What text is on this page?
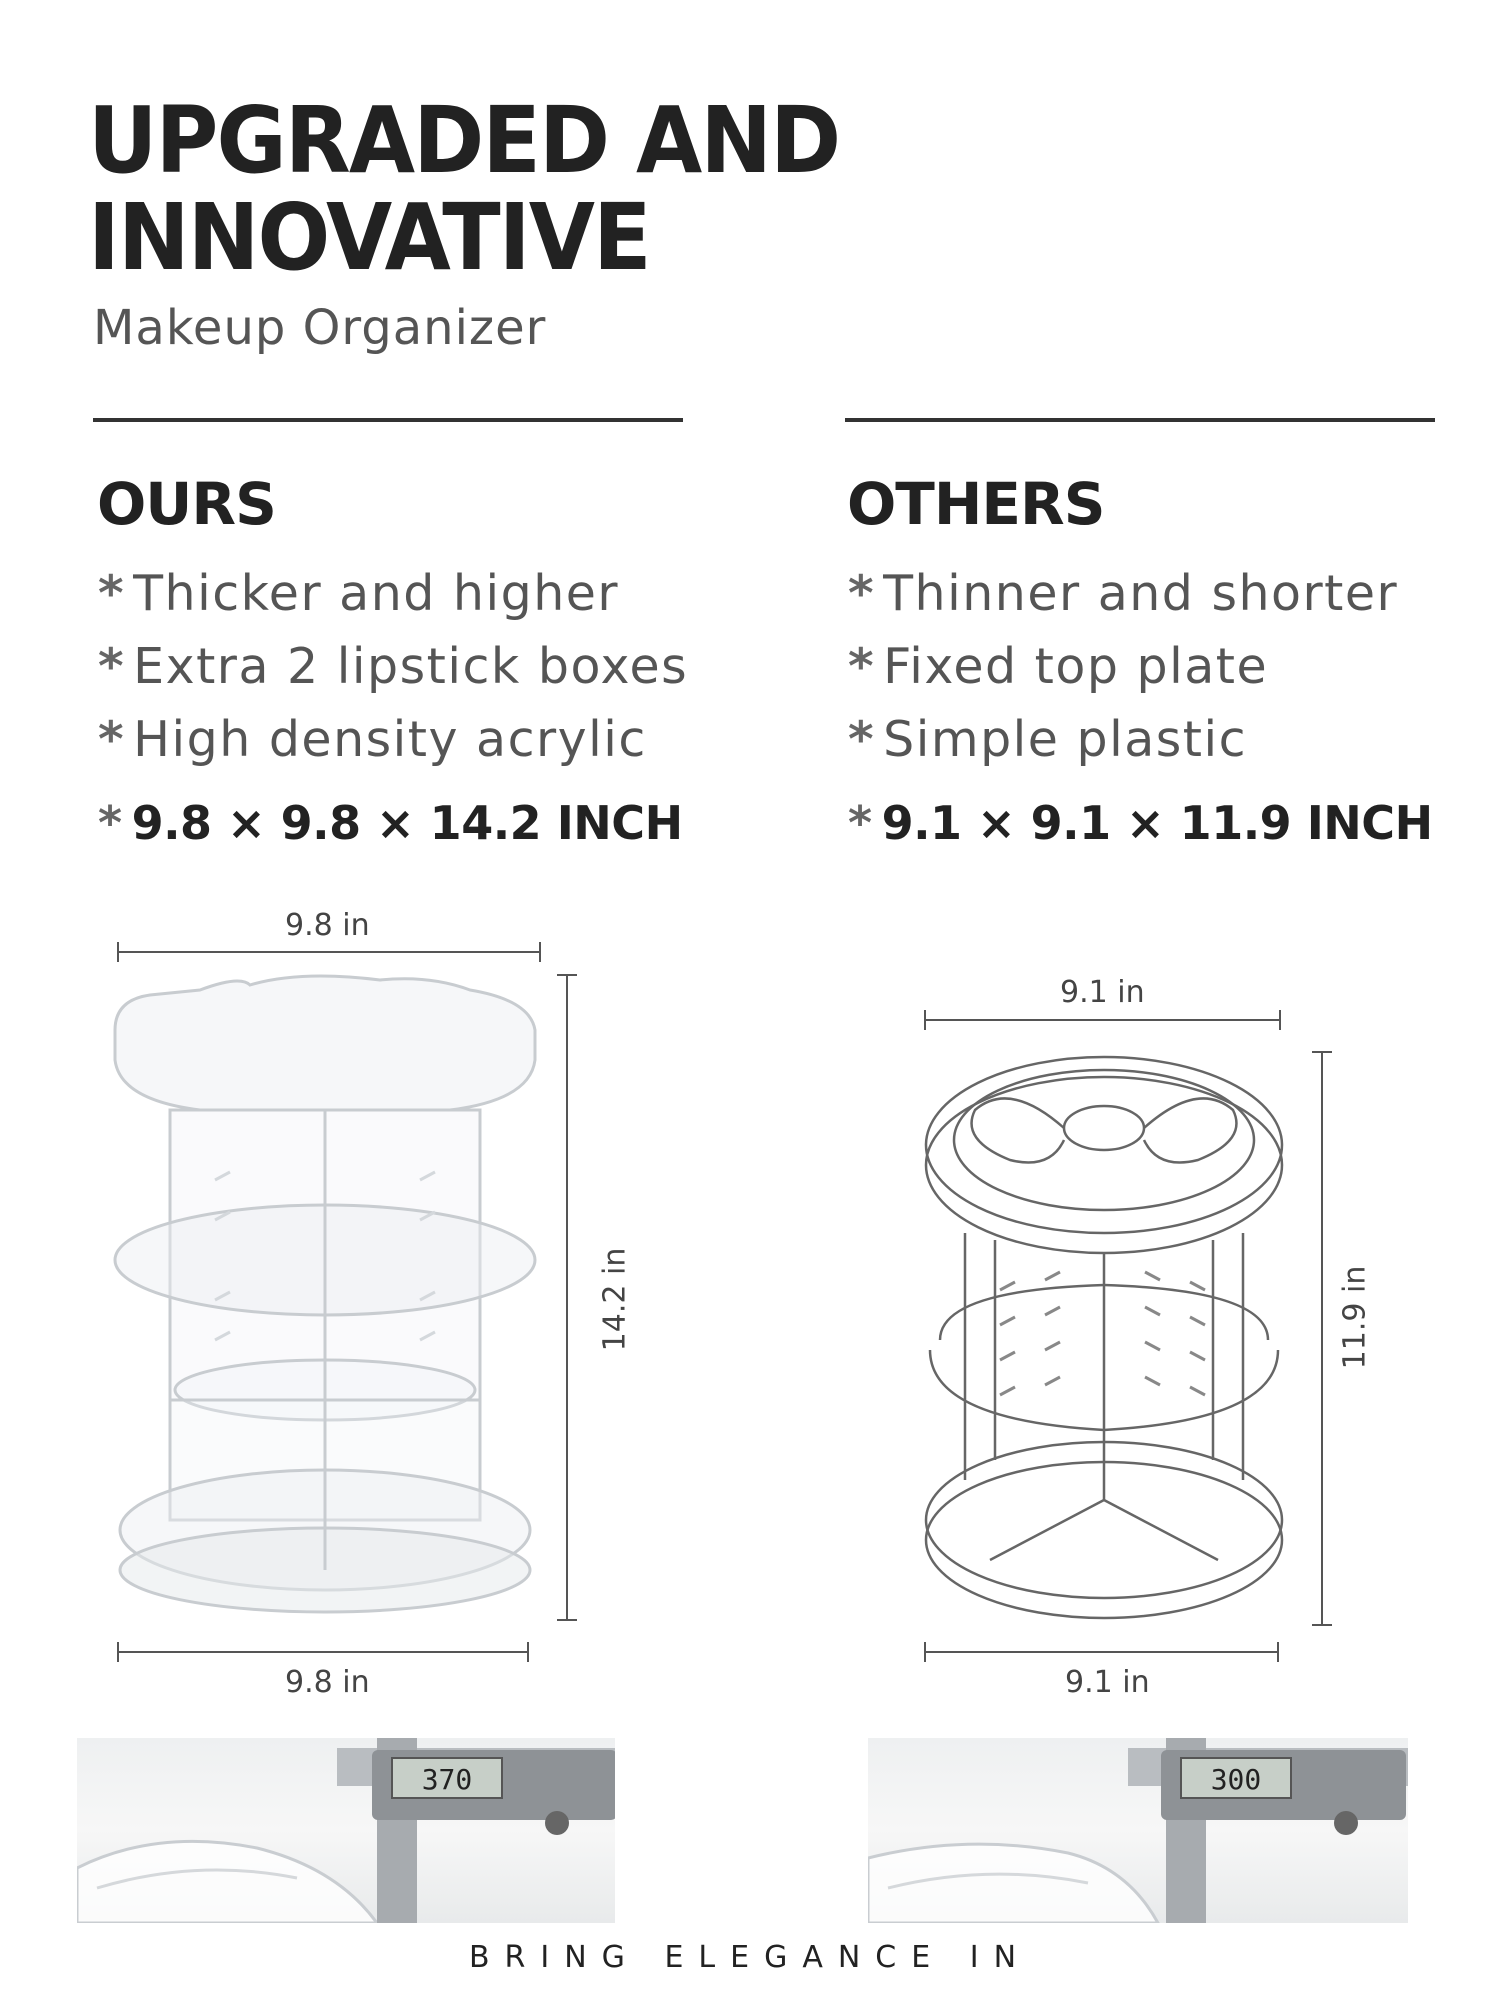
UPGRADED AND
INNOVATIVE
Makeup Organizer
OURS
* Thicker and higher
* Extra 2 lipstick boxes
* High density acrylic
* 9.8 × 9.8 × 14.2 INCH
OTHERS
* Thinner and shorter
* Fixed top plate
* Simple plastic
* 9.1 × 9.1 × 11.9 INCH
9.8 in
14.2 in
9.8 in
9.1 in
11.9 in
9.1 in
370	300
BRING ELEGANCE IN
